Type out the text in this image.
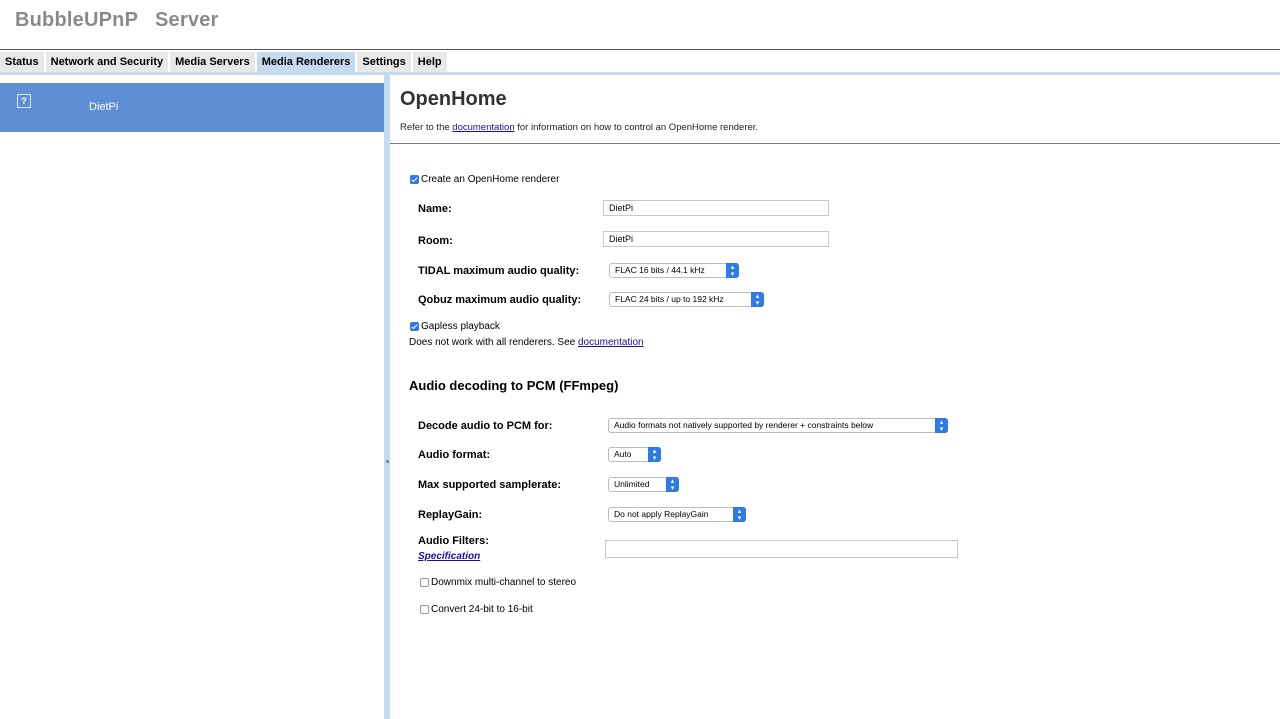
BubbleUPnP   Server
Status	Network and Security	Media Servers	Media Renderers	Settings	Help
?	DietPi	OpenHome
Refer to the documentation for information on how to control an OpenHome renderer.
Create an OpenHome renderer
Name:	DietPi
Room:	DietPi
TIDAL maximum audio quality:	FLAC 16 bits / 44.1 kHz	▴
▾
Qobuz maximum audio quality:	FLAC 24 bits / up to 192 kHz	▴
▾
Gapless playback
Does not work with all renderers. See documentation
Audio decoding to PCM (FFmpeg)
Decode audio to PCM for:	Audio formats not natively supported by renderer + constraints below	▴
▾
Audio format:	Auto	▴
▾
Max supported samplerate:	Unlimited	▴
▾
ReplayGain:	Do not apply ReplayGain	▴
▾
Audio Filters:
Specification
Downmix multi-channel to stereo
Convert 24-bit to 16-bit
